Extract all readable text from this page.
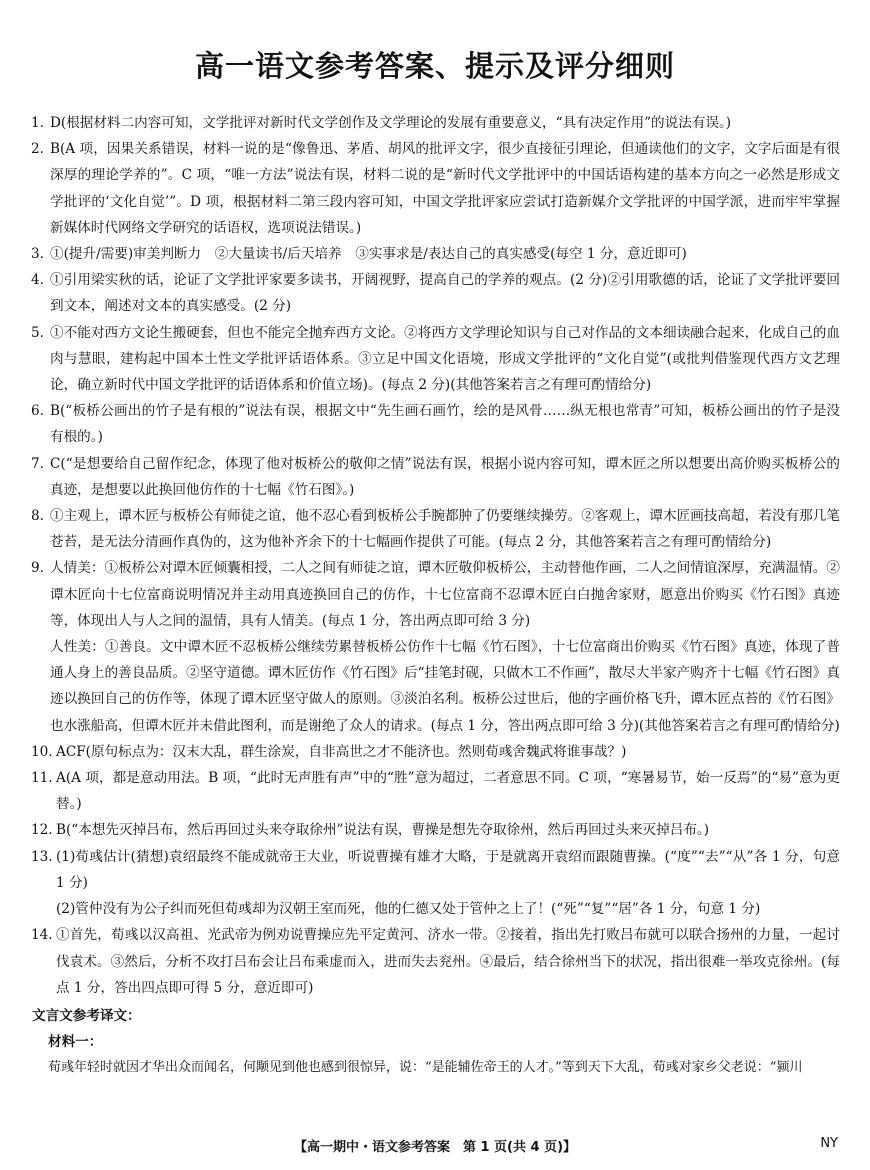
高一语文参考答案、提示及评分细则
1. D(根据材料二内容可知，文学批评对新时代文学创作及文学理论的发展有重要意义，“具有决定作用”的说法有误。)
2. B(A 项，因果关系错误，材料一说的是“像鲁迅、茅盾、胡风的批评文字，很少直接征引理论，但通读他们的文字，文字后面是有很深厚的理论学养的”。C 项，“唯一方法”说法有误，材料二说的是“新时代文学批评中的中国话语构建的基本方向之一必然是形成文学批评的‘文化自觉’”。D 项，根据材料二第三段内容可知，中国文学批评家应尝试打造新媒介文学批评的中国学派，进而牢牢掌握新媒体时代网络文学研究的话语权，选项说法错误。)
3. ①(提升/需要)审美判断力　②大量读书/后天培养　③实事求是/表达自己的真实感受(每空 1 分，意近即可)
4. ①引用梁实秋的话，论证了文学批评家要多读书，开阔视野，提高自己的学养的观点。(2 分)②引用歌德的话，论证了文学批评要回到文本，阐述对文本的真实感受。(2 分)
5. ①不能对西方文论生搬硬套，但也不能完全抛弃西方文论。②将西方文学理论知识与自己对作品的文本细读融合起来，化成自己的血肉与慧眼，建构起中国本土性文学批评话语体系。③立足中国文化语境，形成文学批评的“文化自觉”(或批判借鉴现代西方文艺理论，确立新时代中国文学批评的话语体系和价值立场)。(每点 2 分)(其他答案若言之有理可酌情给分)
6. B(“板桥公画出的竹子是有根的”说法有误，根据文中“先生画石画竹，绘的是风骨……纵无根也常青”可知，板桥公画出的竹子是没有根的。)
7. C(“是想要给自己留作纪念，体现了他对板桥公的敬仰之情”说法有误，根据小说内容可知，谭木匠之所以想要出高价购买板桥公的真迹，是想要以此换回他仿作的十七幅《竹石图》。)
8. ①主观上，谭木匠与板桥公有师徒之谊，他不忍心看到板桥公手腕都肿了仍要继续操劳。②客观上，谭木匠画技高超，若没有那几笔苍苔，是无法分清画作真伪的，这为他补齐余下的十七幅画作提供了可能。(每点 2 分，其他答案若言之有理可酌情给分)
9. 人情美：①板桥公对谭木匠倾囊相授，二人之间有师徒之谊，谭木匠敬仰板桥公，主动替他作画，二人之间情谊深厚，充满温情。②谭木匠向十七位富商说明情况并主动用真迹换回自己的仿作，十七位富商不忍谭木匠白白抛舍家财，愿意出价购买《竹石图》真迹等，体现出人与人之间的温情，具有人情美。(每点 1 分，答出两点即可给 3 分)
人性美：①善良。文中谭木匠不忍板桥公继续劳累替板桥公仿作十七幅《竹石图》，十七位富商出价购买《竹石图》真迹，体现了普通人身上的善良品质。②坚守道德。谭木匠仿作《竹石图》后“挂笔封砚，只做木工不作画”，散尽大半家产购齐十七幅《竹石图》真迹以换回自己的仿作等，体现了谭木匠坚守做人的原则。③淡泊名利。板桥公过世后，他的字画价格飞升，谭木匠点苔的《竹石图》也水涨船高，但谭木匠并未借此图利，而是谢绝了众人的请求。(每点 1 分，答出两点即可给 3 分)(其他答案若言之有理可酌情给分)
10. ACF(原句标点为：汉末大乱，群生涂炭，自非高世之才不能济也。然则荀彧舍魏武将谁事哉？)
11. A(A 项，都是意动用法。B 项，“此时无声胜有声”中的“胜”意为超过，二者意思不同。C 项，“寒暑易节，始一反焉”的“易”意为更替。)
12. B(“本想先灭掉吕布，然后再回过头来夺取徐州”说法有误，曹操是想先夺取徐州，然后再回过头来灭掉吕布。)
13. (1)荀彧估计(猜想)袁绍最终不能成就帝王大业，听说曹操有雄才大略，于是就离开袁绍而跟随曹操。(“度”“去”“从”各 1 分，句意 1 分)
(2)管仲没有为公子纠而死但荀彧却为汉朝王室而死，他的仁德又处于管仲之上了！(“死”“复”“居”各 1 分，句意 1 分)
14. ①首先，荀彧以汉高祖、光武帝为例劝说曹操应先平定黄河、济水一带。②接着，指出先打败吕布就可以联合扬州的力量，一起讨伐袁术。③然后，分析不攻打吕布会让吕布乘虚而入，进而失去兖州。④最后，结合徐州当下的状况，指出很难一举攻克徐州。(每点 1 分，答出四点即可得 5 分，意近即可)
文言文参考译文：
材料一：
荀彧年轻时就因才华出众而闻名，何颙见到他也感到很惊异，说：“是能辅佐帝王的人才。”等到天下大乱，荀彧对家乡父老说：“颍川
【高一期中・语文参考答案　第 1 页(共 4 页)】	NY
